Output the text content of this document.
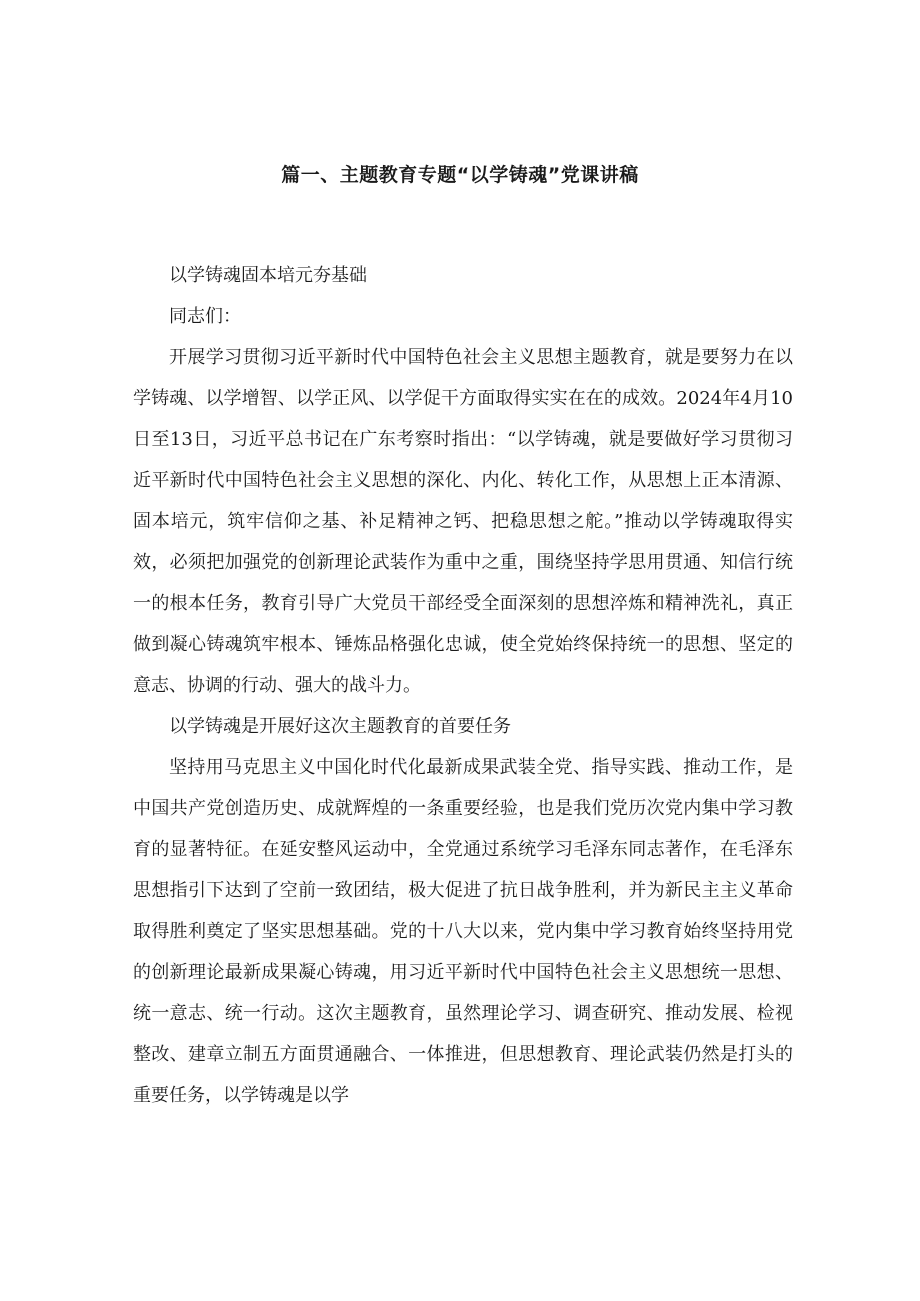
篇一、主题教育专题“以学铸魂”党课讲稿

以学铸魂固本培元夯基础

同志们：

开展学习贯彻习近平新时代中国特色社会主义思想主题教育，就是要努力在以学铸魂、以学增智、以学正风、以学促干方面取得实实在在的成效。2024年4月10日至13日，习近平总书记在广东考察时指出：“以学铸魂，就是要做好学习贯彻习近平新时代中国特色社会主义思想的深化、内化、转化工作，从思想上正本清源、固本培元，筑牢信仰之基、补足精神之钙、把稳思想之舵。”推动以学铸魂取得实效，必须把加强党的创新理论武装作为重中之重，围绕坚持学思用贯通、知信行统一的根本任务，教育引导广大党员干部经受全面深刻的思想淬炼和精神洗礼，真正做到凝心铸魂筑牢根本、锤炼品格强化忠诚，使全党始终保持统一的思想、坚定的意志、协调的行动、强大的战斗力。

以学铸魂是开展好这次主题教育的首要任务

坚持用马克思主义中国化时代化最新成果武装全党、指导实践、推动工作，是中国共产党创造历史、成就辉煌的一条重要经验，也是我们党历次党内集中学习教育的显著特征。在延安整风运动中，全党通过系统学习毛泽东同志著作，在毛泽东思想指引下达到了空前一致团结，极大促进了抗日战争胜利，并为新民主主义革命取得胜利奠定了坚实思想基础。党的十八大以来，党内集中学习教育始终坚持用党的创新理论最新成果凝心铸魂，用习近平新时代中国特色社会主义思想统一思想、统一意志、统一行动。这次主题教育，虽然理论学习、调查研究、推动发展、检视整改、建章立制五方面贯通融合、一体推进，但思想教育、理论武装仍然是打头的重要任务，以学铸魂是以学
